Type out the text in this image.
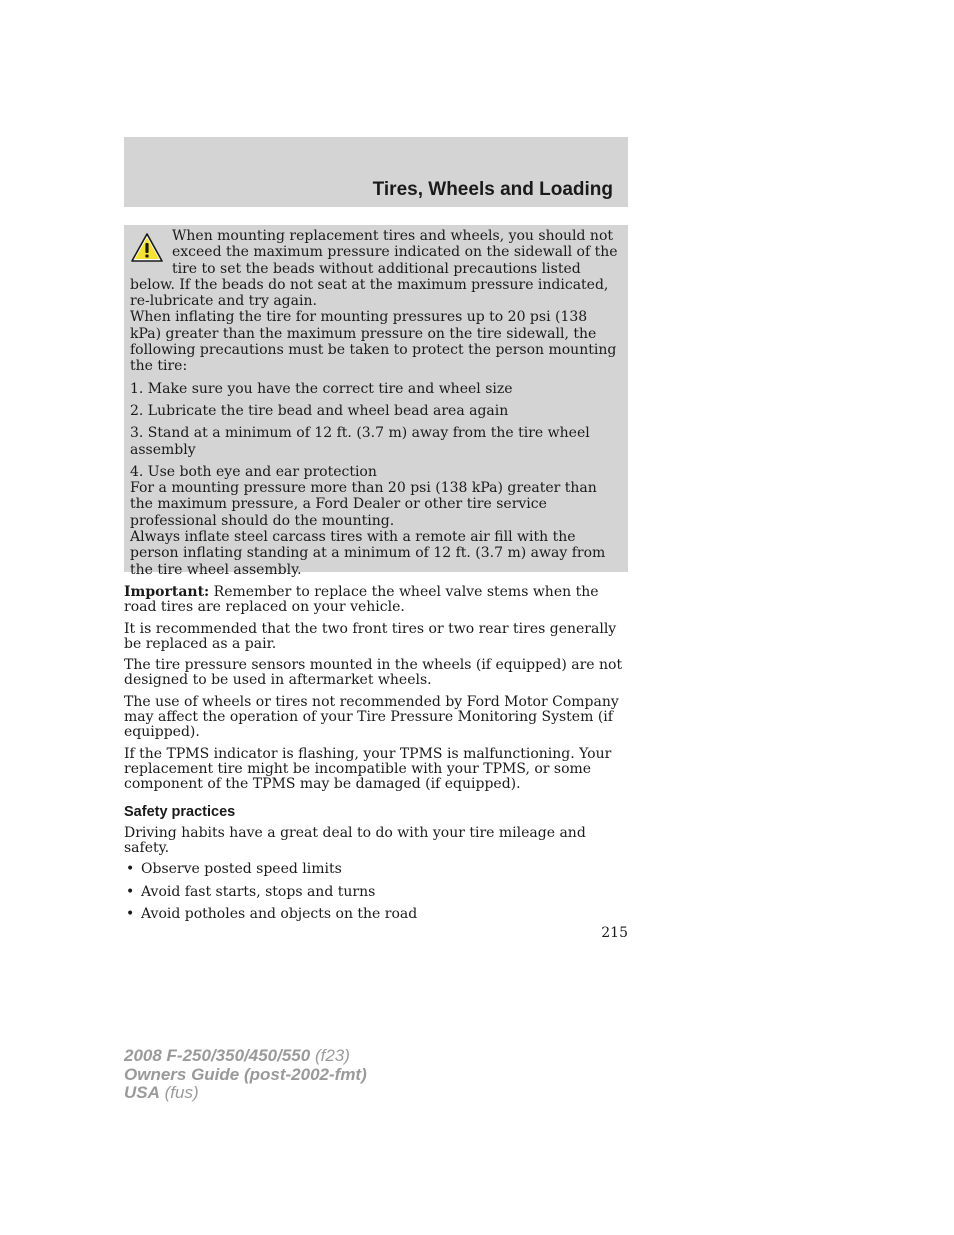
Tires, Wheels and Loading

When mounting replacement tires and wheels, you should not exceed the maximum pressure indicated on the sidewall of the tire to set the beads without additional precautions listed below. If the beads do not seat at the maximum pressure indicated, re-lubricate and try again.

When inflating the tire for mounting pressures up to 20 psi (138 kPa) greater than the maximum pressure on the tire sidewall, the following precautions must be taken to protect the person mounting the tire:

1. Make sure you have the correct tire and wheel size

2. Lubricate the tire bead and wheel bead area again

3. Stand at a minimum of 12 ft. (3.7 m) away from the tire wheel assembly

4. Use both eye and ear protection

For a mounting pressure more than 20 psi (138 kPa) greater than the maximum pressure, a Ford Dealer or other tire service professional should do the mounting.

Always inflate steel carcass tires with a remote air fill with the person inflating standing at a minimum of 12 ft. (3.7 m) away from the tire wheel assembly.

Important: Remember to replace the wheel valve stems when the road tires are replaced on your vehicle.

It is recommended that the two front tires or two rear tires generally be replaced as a pair.

The tire pressure sensors mounted in the wheels (if equipped) are not designed to be used in aftermarket wheels.

The use of wheels or tires not recommended by Ford Motor Company may affect the operation of your Tire Pressure Monitoring System (if equipped).

If the TPMS indicator is flashing, your TPMS is malfunctioning. Your replacement tire might be incompatible with your TPMS, or some component of the TPMS may be damaged (if equipped).

Safety practices

Driving habits have a great deal to do with your tire mileage and safety.

• Observe posted speed limits
• Avoid fast starts, stops and turns
• Avoid potholes and objects on the road
215
2008 F-250/350/450/550 (f23)
Owners Guide (post-2002-fmt)
USA (fus)
